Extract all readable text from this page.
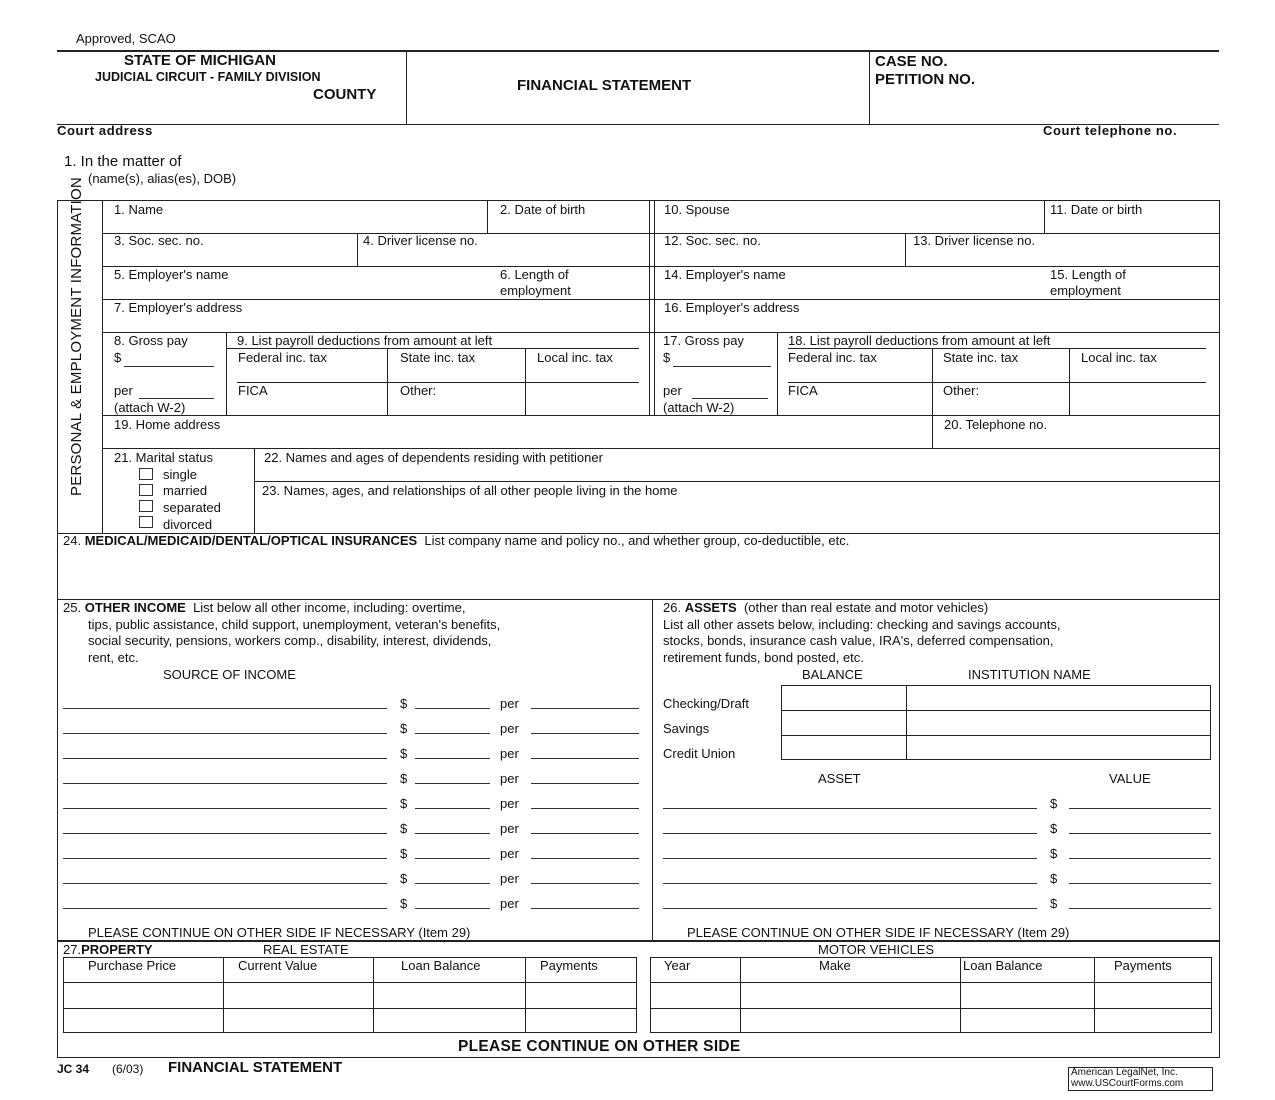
Approved, SCAO
STATE OF MICHIGAN
JUDICIAL CIRCUIT - FAMILY DIVISION
COUNTY
FINANCIAL STATEMENT
CASE NO.
PETITION NO.
Court address	Court telephone no.
1. In the matter of
(name(s), alias(es), DOB)
PERSONAL & EMPLOYMENT INFORMATION 1. Name	2. Date of birth	10. Spouse	11. Date or birth
3. Soc. sec. no.	4. Driver license no.	12. Soc. sec. no.	13. Driver license no.
5. Employer's name	6. Length of
employment
14. Employer's name	15. Length of
employment
7. Employer's address	16. Employer's address
8. Gross pay
$
per
(attach W-2)
9. List payroll deductions from amount at left
Federal inc. tax	State inc. tax	Local inc. tax
FICA	Other:
17. Gross pay
$
per
(attach W-2)
18. List payroll deductions from amount at left
Federal inc. tax	State inc. tax	Local inc. tax
FICA	Other:
19. Home address	20. Telephone no.
21. Marital status
single
married
separated
divorced
22. Names and ages of dependents residing with petitioner
23. Names, ages, and relationships of all other people living in the home
24. MEDICAL/MEDICAID/DENTAL/OPTICAL INSURANCES List company name and policy no., and whether group, co-deductible, etc.
25. OTHER INCOME List below all other income, including: overtime,
tips, public assistance, child support, unemployment, veteran's benefits,
social security, pensions, workers comp., disability, interest, dividends,
rent, etc.
SOURCE OF INCOME
$	per
$	per
$	per
$	per
$	per
$	per
$	per
$	per
$	per
PLEASE CONTINUE ON OTHER SIDE IF NECESSARY (Item 29)
26. ASSETS (other than real estate and motor vehicles)
List all other assets below, including: checking and savings accounts,
stocks, bonds, insurance cash value, IRA's, deferred compensation,
retirement funds, bond posted, etc.
BALANCE	INSTITUTION NAME
Checking/Draft
Savings
Credit Union
ASSET	VALUE
$
$
$
$
$
PLEASE CONTINUE ON OTHER SIDE IF NECESSARY (Item 29)
27.PROPERTY	REAL ESTATE	MOTOR VEHICLES
Purchase Price	Current Value	Loan Balance	Payments	Year	Make	Loan Balance	Payments
PLEASE CONTINUE ON OTHER SIDE
JC 34 (6/03) FINANCIAL STATEMENT	American LegalNet, Inc.
www.USCourtForms.com
